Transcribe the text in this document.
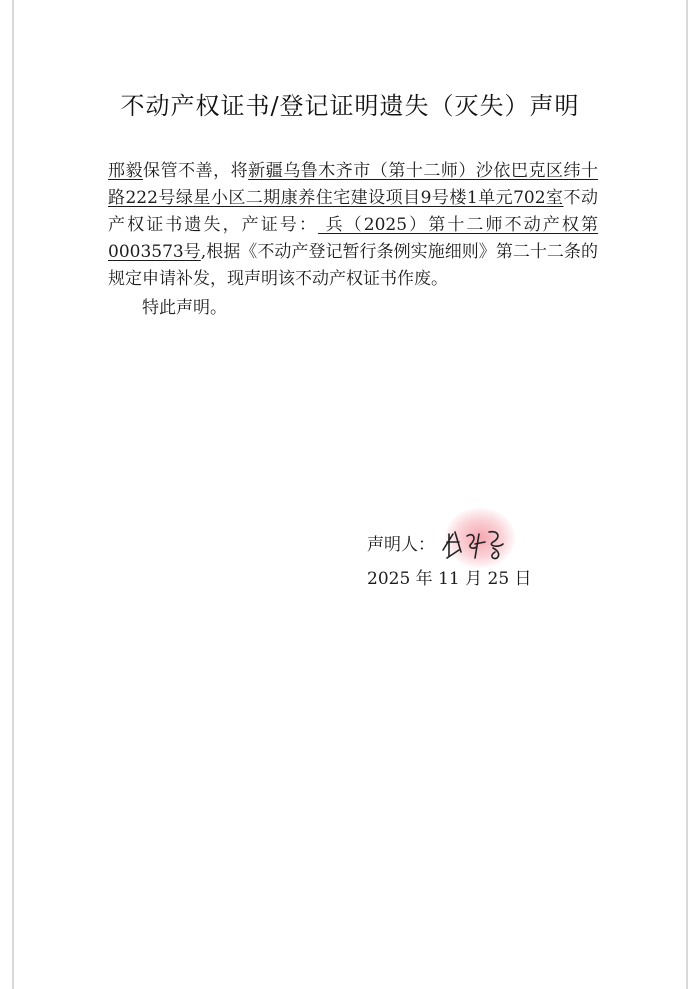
不动产权证书/登记证明遗失（灭失）声明

邢毅保管不善，将新疆乌鲁木齐市（第十二师）沙依巴克区纬十路222号绿星小区二期康养住宅建设项目9号楼1单元702室不动产权证书遗失，产证号： 兵（2025）第十二师不动产权第0003573号,根据《不动产登记暂行条例实施细则》第二十二条的规定申请补发，现声明该不动产权证书作废。

特此声明。

声明人：
2025 年 11 月 25 日
